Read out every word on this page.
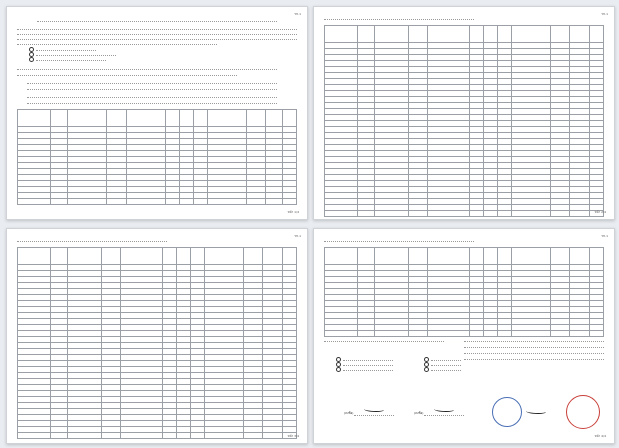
ขร.1

หน้า 1/4
ขร.1

หน้า 2/4
ขร.1

หน้า 3/4
ขร.1

(ลงชื่อ)	(ลงชื่อ)
หน้า 4/4
